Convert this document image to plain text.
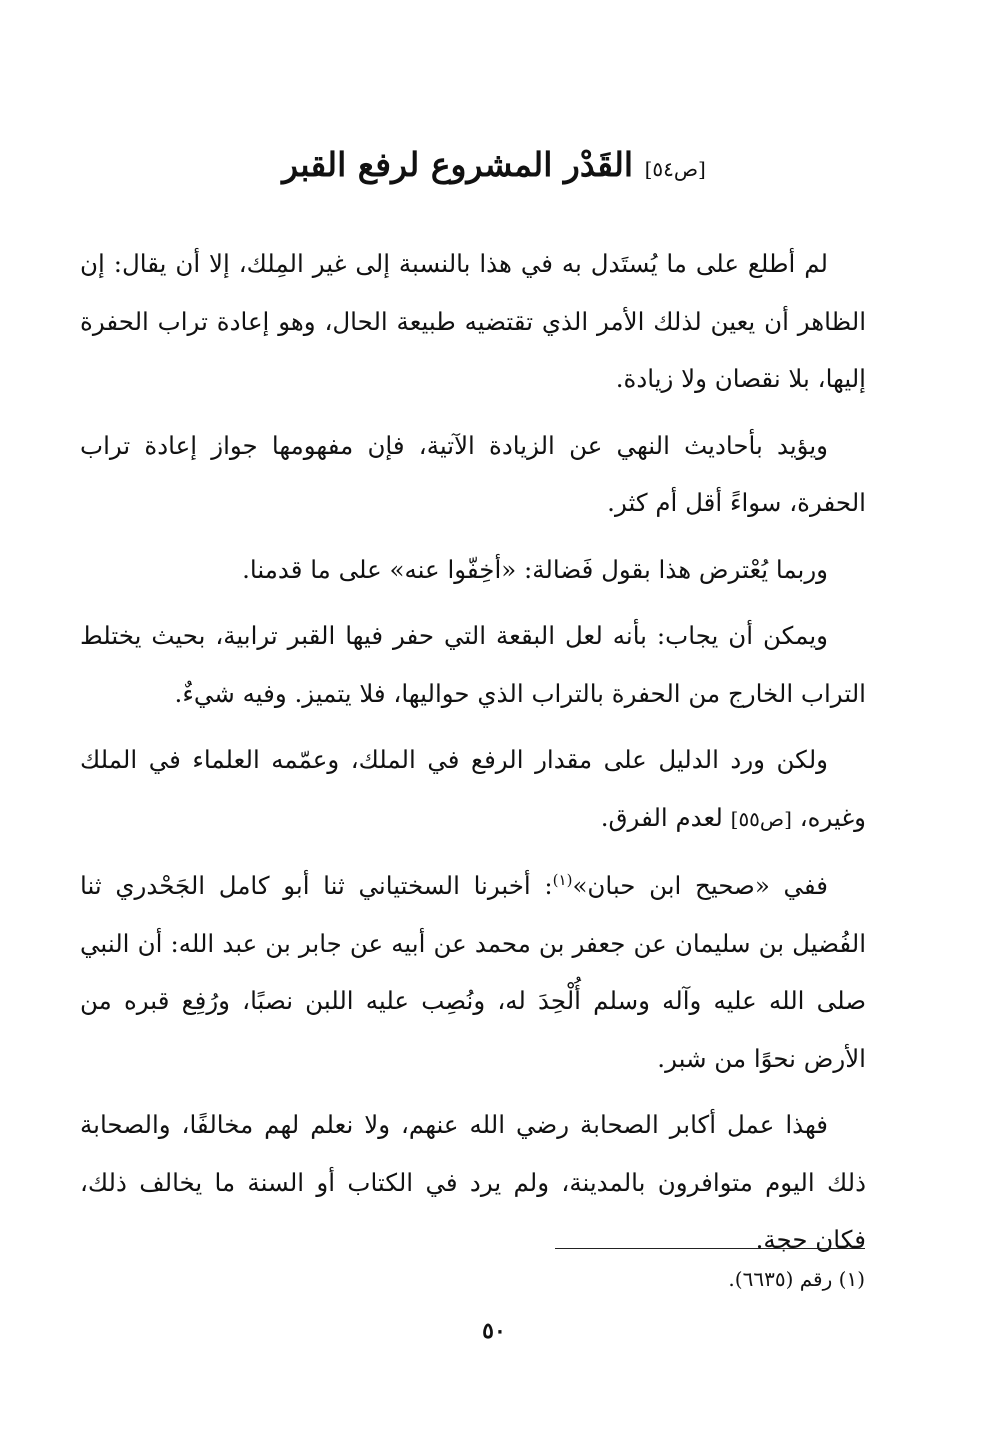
[ص٥٤] القَدْر المشروع لرفع القبر

لم أطلع على ما يُستَدل به في هذا بالنسبة إلى غير المِلك، إلا أن يقال: إن الظاهر أن يعين لذلك الأمر الذي تقتضيه طبيعة الحال، وهو إعادة تراب الحفرة إليها، بلا نقصان ولا زيادة.

ويؤيد بأحاديث النهي عن الزيادة الآتية، فإن مفهومها جواز إعادة تراب الحفرة، سواءً أقل أم كثر.

وربما يُعْترض هذا بقول فَضالة: «أخِفّوا عنه» على ما قدمنا.

ويمكن أن يجاب: بأنه لعل البقعة التي حفر فيها القبر ترابية، بحيث يختلط التراب الخارج من الحفرة بالتراب الذي حواليها، فلا يتميز. وفيه شيءٌ.

ولكن ورد الدليل على مقدار الرفع في الملك، وعمّمه العلماء في الملك وغيره، [ص٥٥] لعدم الفرق.

ففي «صحيح ابن حبان»$^{(١)}$: أخبرنا السختياني ثنا أبو كامل الجَحْدري ثنا الفُضيل بن سليمان عن جعفر بن محمد عن أبيه عن جابر بن عبد الله: أن النبي صلى الله عليه وآله وسلم أُلْحِدَ له، ونُصِب عليه اللبن نصبًا، ورُفِع قبره من الأرض نحوًا من شبر.

فهذا عمل أكابر الصحابة رضي الله عنهم، ولا نعلم لهم مخالفًا، والصحابة ذلك اليوم متوافرون بالمدينة، ولم يرد في الكتاب أو السنة ما يخالف ذلك، فكان حجة.

(١) رقم (٦٦٣٥).
٥٠
